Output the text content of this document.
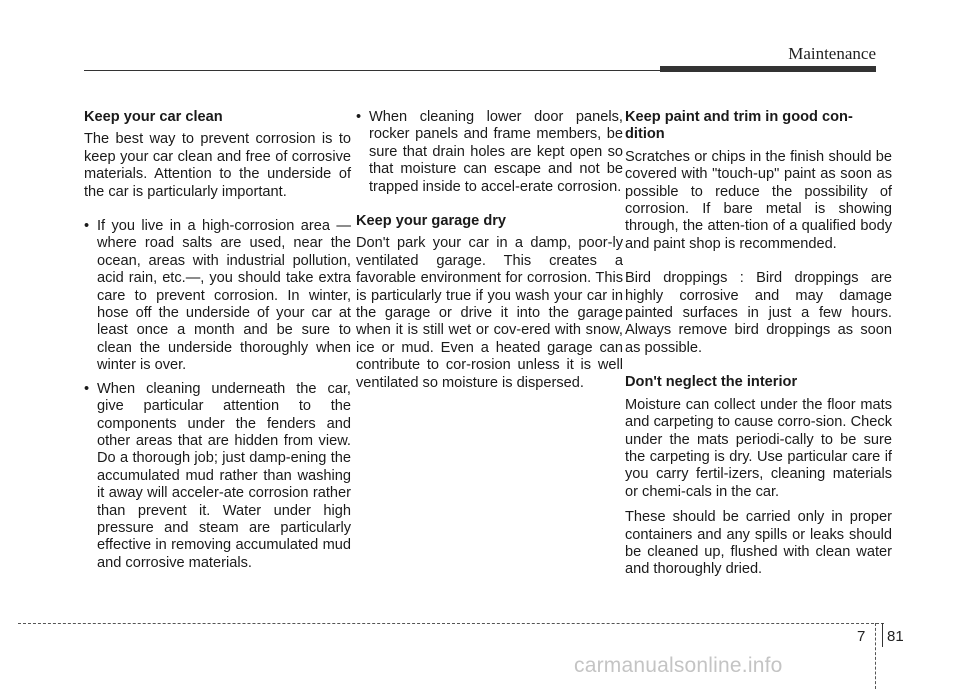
Maintenance
Keep your car clean

The best way to prevent corrosion is to keep your car clean and free of corrosive materials. Attention to the underside of the car is particularly important.

• If you live in a high-corrosion area — where road salts are used, near the ocean, areas with industrial pollution, acid rain, etc.—, you should take extra care to prevent corrosion. In winter, hose off the underside of your car at least once a month and be sure to clean the underside thoroughly when winter is over.
• When cleaning underneath the car, give particular attention to the components under the fenders and other areas that are hidden from view. Do a thorough job; just damp-ening the accumulated mud rather than washing it away will acceler-ate corrosion rather than prevent it. Water under high pressure and steam are particularly effective in removing accumulated mud and corrosive materials.
• When cleaning lower door panels, rocker panels and frame members, be sure that drain holes are kept open so that moisture can escape and not be trapped inside to accel-erate corrosion.
Keep your garage dry

Don't park your car in a damp, poor-ly ventilated garage. This creates a favorable environment for corrosion. This is particularly true if you wash your car in the garage or drive it into the garage when it is still wet or cov-ered with snow, ice or mud. Even a heated garage can contribute to cor-rosion unless it is well ventilated so moisture is dispersed.

Keep paint and trim in good con-dition

Scratches or chips in the finish should be covered with "touch-up" paint as soon as possible to reduce the possibility of corrosion. If bare metal is showing through, the atten-tion of a qualified body and paint shop is recommended.

Bird droppings : Bird droppings are highly corrosive and may damage painted surfaces in just a few hours. Always remove bird droppings as soon as possible.

Don't neglect the interior

Moisture can collect under the floor mats and carpeting to cause corro-sion. Check under the mats periodi-cally to be sure the carpeting is dry. Use particular care if you carry fertil-izers, cleaning materials or chemi-cals in the car.

These should be carried only in proper containers and any spills or leaks should be cleaned up, flushed with clean water and thoroughly dried.

7 81
carmanualsonline.info
